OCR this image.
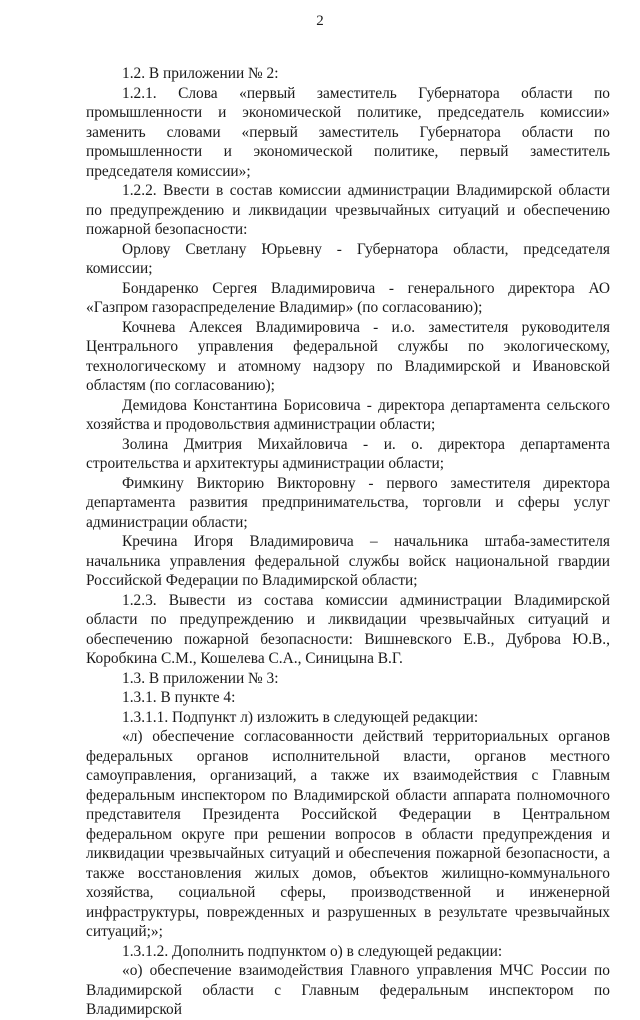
2

1.2. В приложении № 2:

1.2.1. Слова «первый заместитель Губернатора области по промышленности и экономической политике, председатель комиссии» заменить словами «первый заместитель Губернатора области по промышленности и экономической политике, первый заместитель председателя комиссии»;

1.2.2. Ввести в состав комиссии администрации Владимирской области по предупреждению и ликвидации чрезвычайных ситуаций и обеспечению пожарной безопасности:

Орлову Светлану Юрьевну - Губернатора области, председателя комиссии;

Бондаренко Сергея Владимировича - генерального директора АО «Газпром газораспределение Владимир» (по согласованию);

Кочнева Алексея Владимировича - и.о. заместителя руководителя Центрального управления федеральной службы по экологическому, технологическому и атомному надзору по Владимирской и Ивановской областям (по согласованию);

Демидова Константина Борисовича - директора департамента сельского хозяйства и продовольствия администрации области;

Золина Дмитрия Михайловича - и. о. директора департамента строительства и архитектуры администрации области;

Фимкину Викторию Викторовну - первого заместителя директора департамента развития предпринимательства, торговли и сферы услуг администрации области;

Кречина Игоря Владимировича – начальника штаба-заместителя начальника управления федеральной службы войск национальной гвардии Российской Федерации по Владимирской области;

1.2.3. Вывести из состава комиссии администрации Владимирской области по предупреждению и ликвидации чрезвычайных ситуаций и обеспечению пожарной безопасности: Вишневского Е.В., Дуброва Ю.В., Коробкина С.М., Кошелева С.А., Синицына В.Г.

1.3. В приложении № 3:

1.3.1. В пункте 4:

1.3.1.1. Подпункт л) изложить в следующей редакции:

«л) обеспечение согласованности действий территориальных органов федеральных органов исполнительной власти, органов местного самоуправления, организаций, а также их взаимодействия с Главным федеральным инспектором по Владимирской области аппарата полномочного представителя Президента Российской Федерации в Центральном федеральном округе при решении вопросов в области предупреждения и ликвидации чрезвычайных ситуаций и обеспечения пожарной безопасности, а также восстановления жилых домов, объектов жилищно-коммунального хозяйства, социальной сферы, производственной и инженерной инфраструктуры, поврежденных и разрушенных в результате чрезвычайных ситуаций;»;

1.3.1.2. Дополнить подпунктом о) в следующей редакции:

«о) обеспечение взаимодействия Главного управления МЧС России по Владимирской области с Главным федеральным инспектором по Владимирской
